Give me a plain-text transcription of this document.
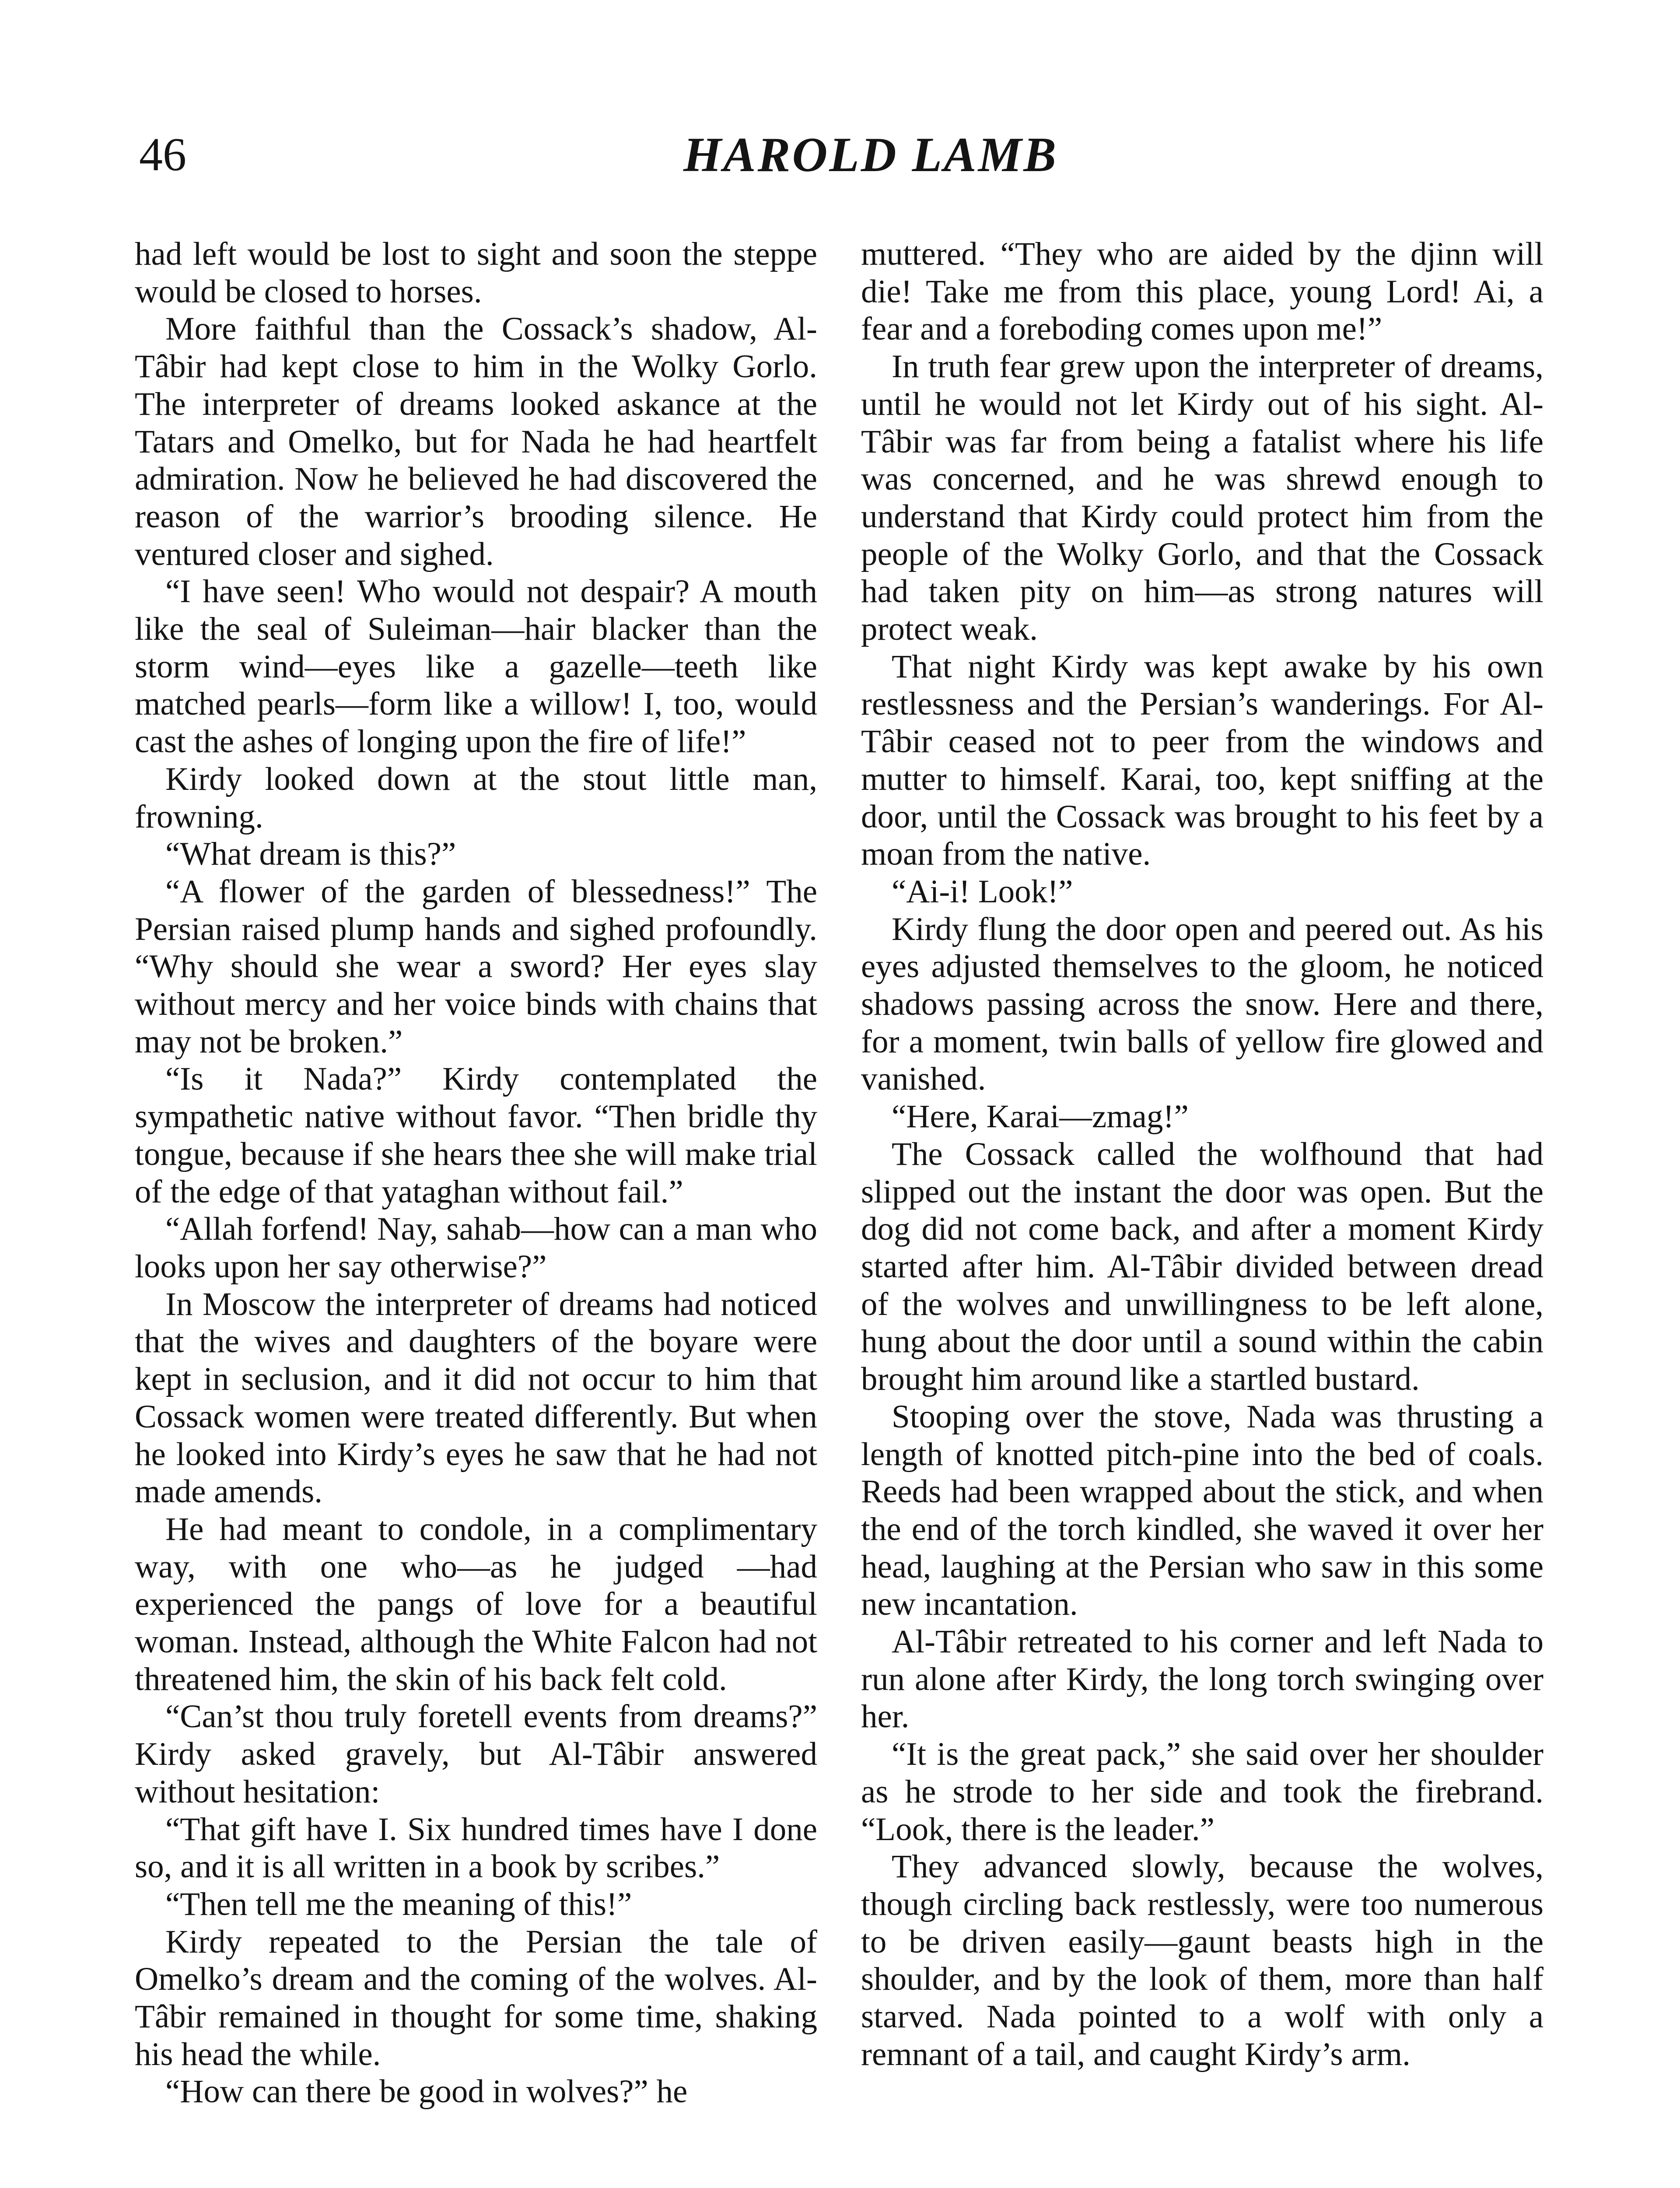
46	HAROLD LAMB

had left would be lost to sight and soon the steppe would be closed to horses.

More faithful than the Cossack’s shadow, Al-Tâbir had kept close to him in the Wolky Gorlo. The interpreter of dreams looked askance at the Tatars and Omelko, but for Nada he had heartfelt admiration. Now he believed he had discovered the reason of the warrior’s brooding silence. He ventured closer and sighed.

“I have seen! Who would not despair? A mouth like the seal of Suleiman—hair blacker than the storm wind—eyes like a gazelle—teeth like matched pearls—form like a willow! I, too, would cast the ashes of longing upon the fire of life!”

Kirdy looked down at the stout little man, frowning.

“What dream is this?”

“A flower of the garden of blessedness!” The Persian raised plump hands and sighed profoundly. “Why should she wear a sword? Her eyes slay without mercy and her voice binds with chains that may not be broken.”

“Is it Nada?” Kirdy contemplated the sympathetic native without favor. “Then bridle thy tongue, because if she hears thee she will make trial of the edge of that yataghan without fail.”

“Allah forfend! Nay, sahab—how can a man who looks upon her say otherwise?”

In Moscow the interpreter of dreams had noticed that the wives and daughters of the boyare were kept in seclusion, and it did not occur to him that Cossack women were treated differently. But when he looked into Kirdy’s eyes he saw that he had not made amends.

He had meant to condole, in a complimentary way, with one who—as he judged —had experienced the pangs of love for a beautiful woman. Instead, although the White Falcon had not threatened him, the skin of his back felt cold.

“Can’st thou truly foretell events from dreams?” Kirdy asked gravely, but Al-Tâbir answered without hesitation:

“That gift have I. Six hundred times have I done so, and it is all written in a book by scribes.”

“Then tell me the meaning of this!”

Kirdy repeated to the Persian the tale of Omelko’s dream and the coming of the wolves. Al-Tâbir remained in thought for some time, shaking his head the while.

“How can there be good in wolves?” he

muttered. “They who are aided by the djinn will die! Take me from this place, young Lord! Ai, a fear and a foreboding comes upon me!”

In truth fear grew upon the interpreter of dreams, until he would not let Kirdy out of his sight. Al-Tâbir was far from being a fatalist where his life was concerned, and he was shrewd enough to understand that Kirdy could protect him from the people of the Wolky Gorlo, and that the Cossack had taken pity on him—as strong natures will protect weak.

That night Kirdy was kept awake by his own restlessness and the Persian’s wanderings. For Al-Tâbir ceased not to peer from the windows and mutter to himself. Karai, too, kept sniffing at the door, until the Cossack was brought to his feet by a moan from the native.

“Ai-i! Look!”

Kirdy flung the door open and peered out. As his eyes adjusted themselves to the gloom, he noticed shadows passing across the snow. Here and there, for a moment, twin balls of yellow fire glowed and vanished.

“Here, Karai—zmag!”

The Cossack called the wolfhound that had slipped out the instant the door was open. But the dog did not come back, and after a moment Kirdy started after him. Al-Tâbir divided between dread of the wolves and unwillingness to be left alone, hung about the door until a sound within the cabin brought him around like a startled bustard.

Stooping over the stove, Nada was thrusting a length of knotted pitch-pine into the bed of coals. Reeds had been wrapped about the stick, and when the end of the torch kindled, she waved it over her head, laughing at the Persian who saw in this some new incantation.

Al-Tâbir retreated to his corner and left Nada to run alone after Kirdy, the long torch swinging over her.

“It is the great pack,” she said over her shoulder as he strode to her side and took the firebrand. “Look, there is the leader.”

They advanced slowly, because the wolves, though circling back restlessly, were too numerous to be driven easily—gaunt beasts high in the shoulder, and by the look of them, more than half starved. Nada pointed to a wolf with only a remnant of a tail, and caught Kirdy’s arm.
